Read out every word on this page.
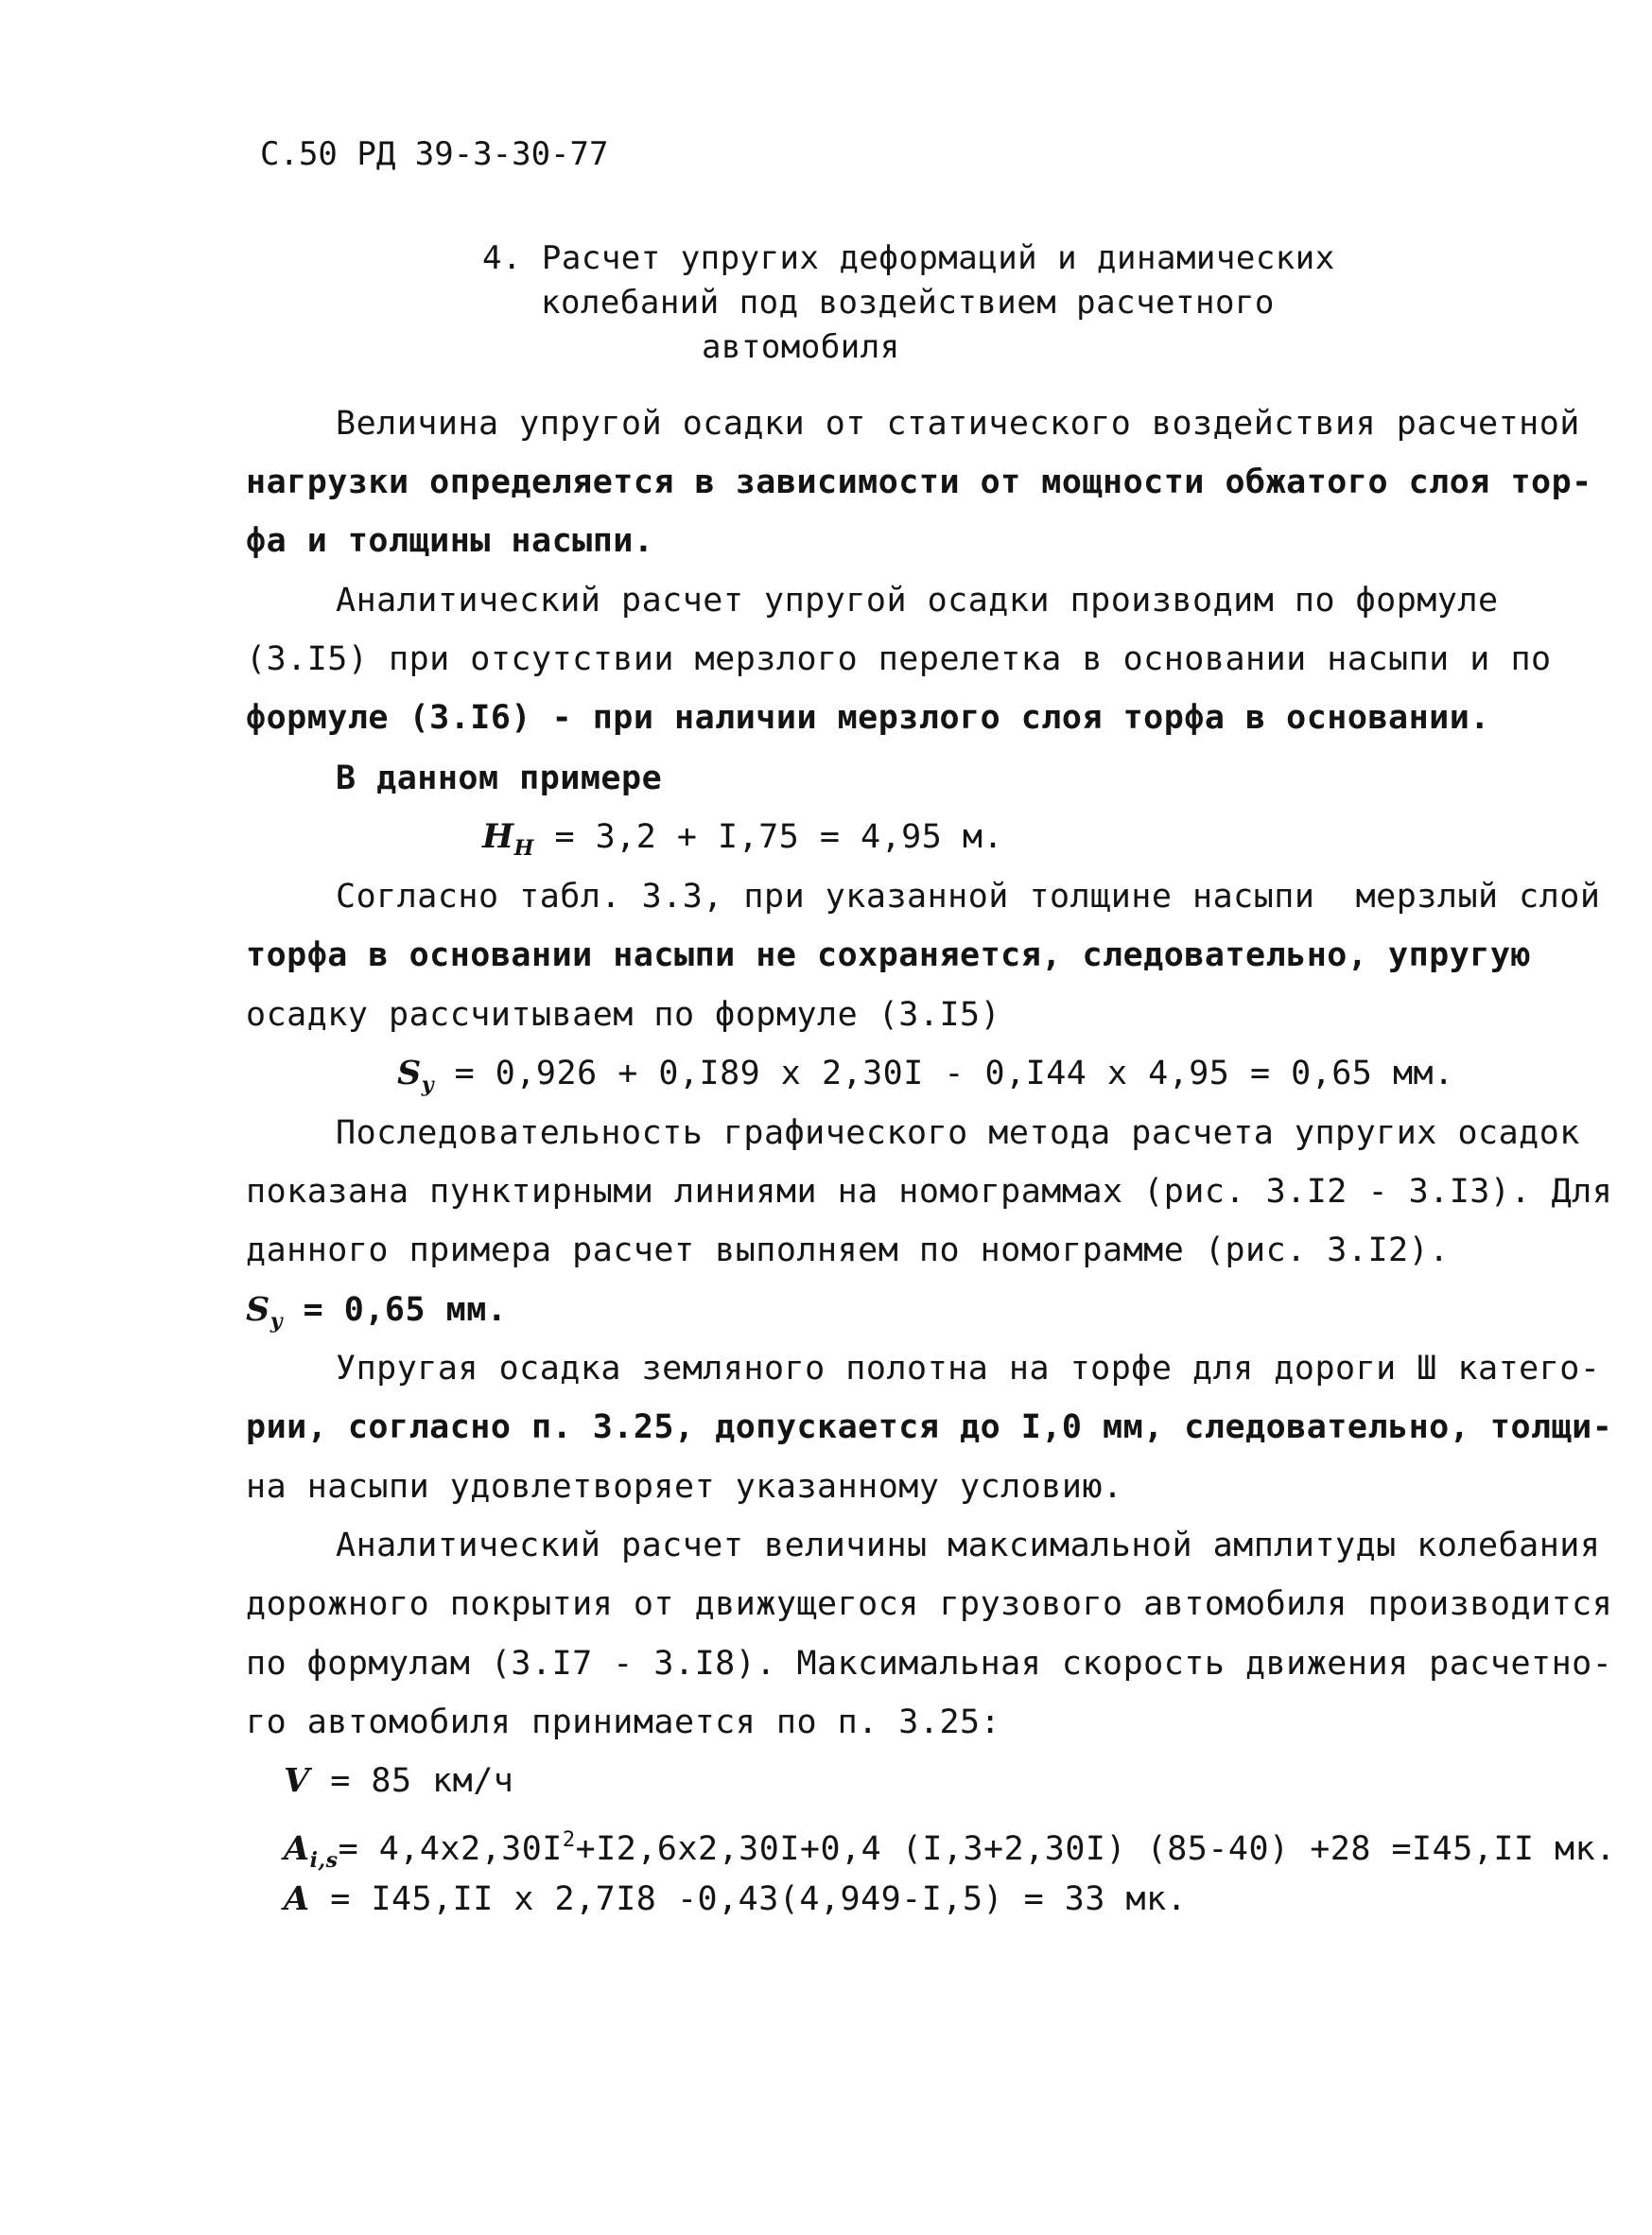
С.50 РД 39-3-30-77
4. Расчет упругих деформаций и динамических
колебаний под воздействием расчетного
автомобиля
Величина упругой осадки от статического воздействия расчетной
нагрузки определяется в зависимости от мощности обжатого слоя тор-
фа и толщины насыпи.
Аналитический расчет упругой осадки производим по формуле
(3.I5) при отсутствии мерзлого перелетка в основании насыпи и по
формуле (3.I6) - при наличии мерзлого слоя торфа в основании.
В данном примере
$H_H = 3,2 + I,75 = 4,95$ м.
Согласно табл. 3.3, при указанной толщине насыпи  мерзлый слой
торфа в основании насыпи не сохраняется, следовательно, упругую
осадку рассчитываем по формуле (3.I5)
$S_y = 0,926 + 0,I89$ x 2,30I - 0,I44 x 4,95 = 0,65 мм.
Последовательность графического метода расчета упругих осадок
показана пунктирными линиями на номограммах (рис. 3.I2 - 3.I3). Для
данного примера расчет выполняем по номограмме (рис. 3.I2).
$S_y = 0,65$ мм.
Упругая осадка земляного полотна на торфе для дороги Ш катего-
рии, согласно п. 3.25, допускается до I,0 мм, следовательно, толщи-
на насыпи удовлетворяет указанному условию.
Аналитический расчет величины максимальной амплитуды колебания
дорожного покрытия от движущегося грузового автомобиля производится
по формулам (3.I7 - 3.I8). Максимальная скорость движения расчетно-
го автомобиля принимается по п. 3.25:
V = 85 км/ч
$A_{i,s}= 4,4x2,30I^2+I2,6x2,30I+0,4$ (I,3+2,30I) (85-40) +28 =I45,II мк.
A = I45,II x 2,7I8 -0,43(4,949-I,5) = 33 мк.
